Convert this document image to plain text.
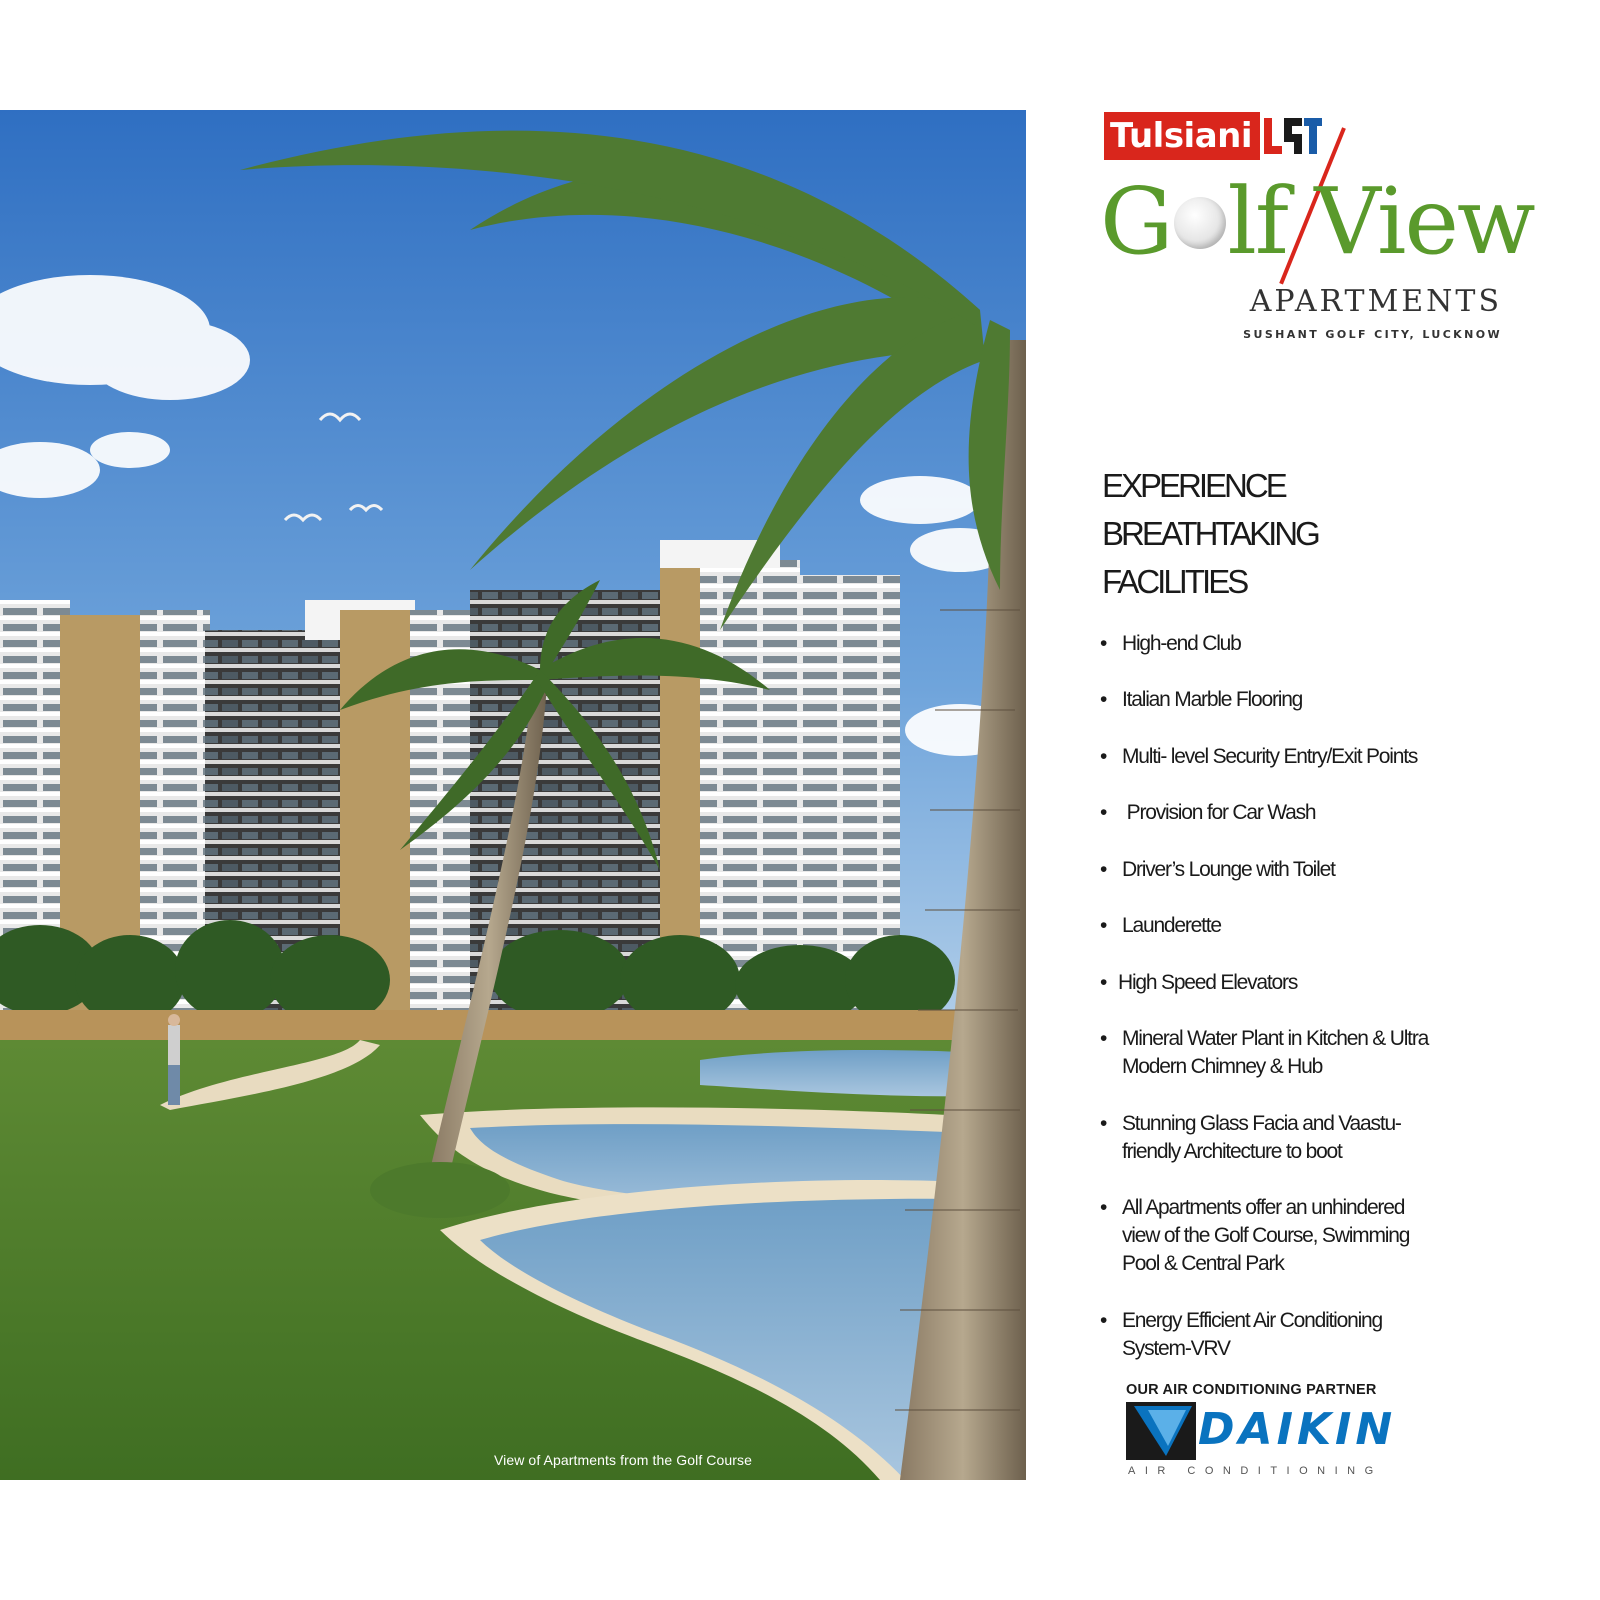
View of Apartments from the Golf Course
Tulsiani
G lf View
APARTMENTS
SUSHANT GOLF CITY, LUCKNOW
EXPERIENCE
BREATHTAKING
FACILITIES
• High-end Club
• Italian Marble Flooring
• Multi- level Security Entry/Exit Points
• Provision for Car Wash
• Driver’s Lounge with Toilet
• Launderette
• High Speed Elevators
• Mineral Water Plant in Kitchen & Ultra Modern Chimney & Hub
• Stunning Glass Facia and Vaastu-friendly Architecture to boot
• All Apartments offer an unhindered view of the Golf Course, Swimming Pool & Central Park
• Energy Efficient Air Conditioning System-VRV
OUR AIR CONDITIONING PARTNER
DAIKIN
AIR CONDITIONING
